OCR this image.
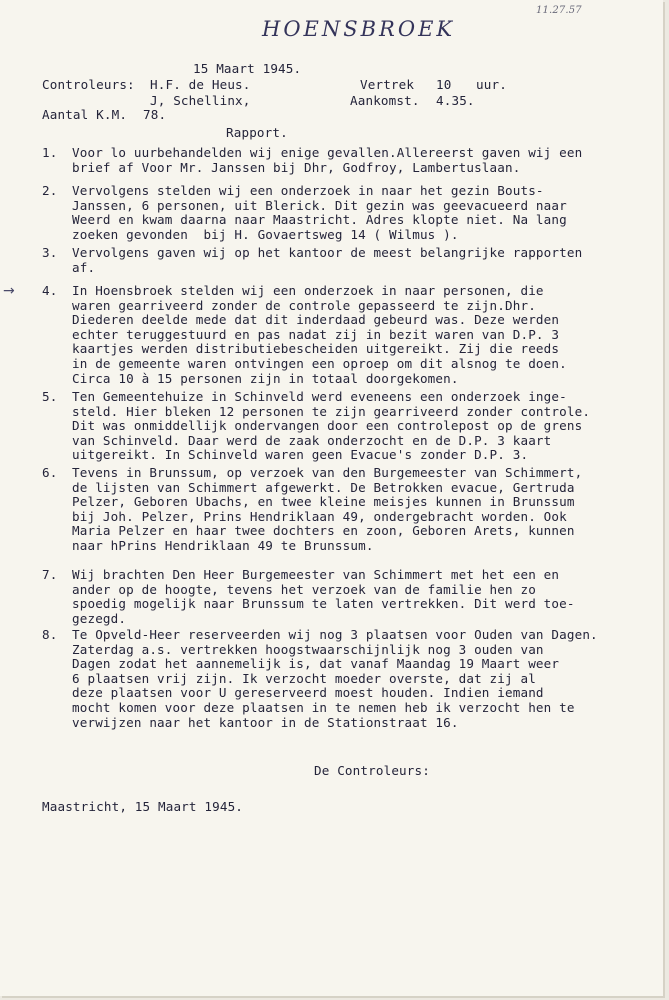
HOENSBROEK
11.27.57
→
15 Maart 1945.
Controleurs: H.F. de Heus.
J, Schellinx,
Vertrek 10 uur.
Aankomst. 4.35.
Aantal K.M. 78.
Rapport.
1. Voor lo uurbehandelden wij enige gevallen.Allereerst gaven wij een
brief af Voor Mr. Janssen bij Dhr, Godfroy, Lambertuslaan.
2. Vervolgens stelden wij een onderzoek in naar het gezin Bouts-
Janssen, 6 personen, uit Blerick. Dit gezin was geevacueerd naar
Weerd en kwam daarna naar Maastricht. Adres klopte niet. Na lang
zoeken gevonden  bij H. Govaertsweg 14 ( Wilmus ).
3. Vervolgens gaven wij op het kantoor de meest belangrijke rapporten
af.
4. In Hoensbroek stelden wij een onderzoek in naar personen, die
waren gearriveerd zonder de controle gepasseerd te zijn.Dhr.
Diederen deelde mede dat dit inderdaad gebeurd was. Deze werden
echter teruggestuurd en pas nadat zij in bezit waren van D.P. 3
kaartjes werden distributiebescheiden uitgereikt. Zij die reeds
in de gemeente waren ontvingen een oproep om dit alsnog te doen.
Circa 10 à 15 personen zijn in totaal doorgekomen.
5. Ten Gemeentehuize in Schinveld werd eveneens een onderzoek inge-
steld. Hier bleken 12 personen te zijn gearriveerd zonder controle.
Dit was onmiddellijk ondervangen door een controlepost op de grens
van Schinveld. Daar werd de zaak onderzocht en de D.P. 3 kaart
uitgereikt. In Schinveld waren geen Evacue's zonder D.P. 3.
6. Tevens in Brunssum, op verzoek van den Burgemeester van Schimmert,
de lijsten van Schimmert afgewerkt. De Betrokken evacue, Gertruda
Pelzer, Geboren Ubachs, en twee kleine meisjes kunnen in Brunssum
bij Joh. Pelzer, Prins Hendriklaan 49, ondergebracht worden. Ook
Maria Pelzer en haar twee dochters en zoon, Geboren Arets, kunnen
naar hPrins Hendriklaan 49 te Brunssum.
7. Wij brachten Den Heer Burgemeester van Schimmert met het een en
ander op de hoogte, tevens het verzoek van de familie hen zo
spoedig mogelijk naar Brunssum te laten vertrekken. Dit werd toe-
gezegd.
8. Te Opveld-Heer reserveerden wij nog 3 plaatsen voor Ouden van Dagen.
Zaterdag a.s. vertrekken hoogstwaarschijnlijk nog 3 ouden van
Dagen zodat het aannemelijk is, dat vanaf Maandag 19 Maart weer
6 plaatsen vrij zijn. Ik verzocht moeder overste, dat zij al
deze plaatsen voor U gereserveerd moest houden. Indien iemand
mocht komen voor deze plaatsen in te nemen heb ik verzocht hen te
verwijzen naar het kantoor in de Stationstraat 16.
De Controleurs:
Maastricht, 15 Maart 1945.
